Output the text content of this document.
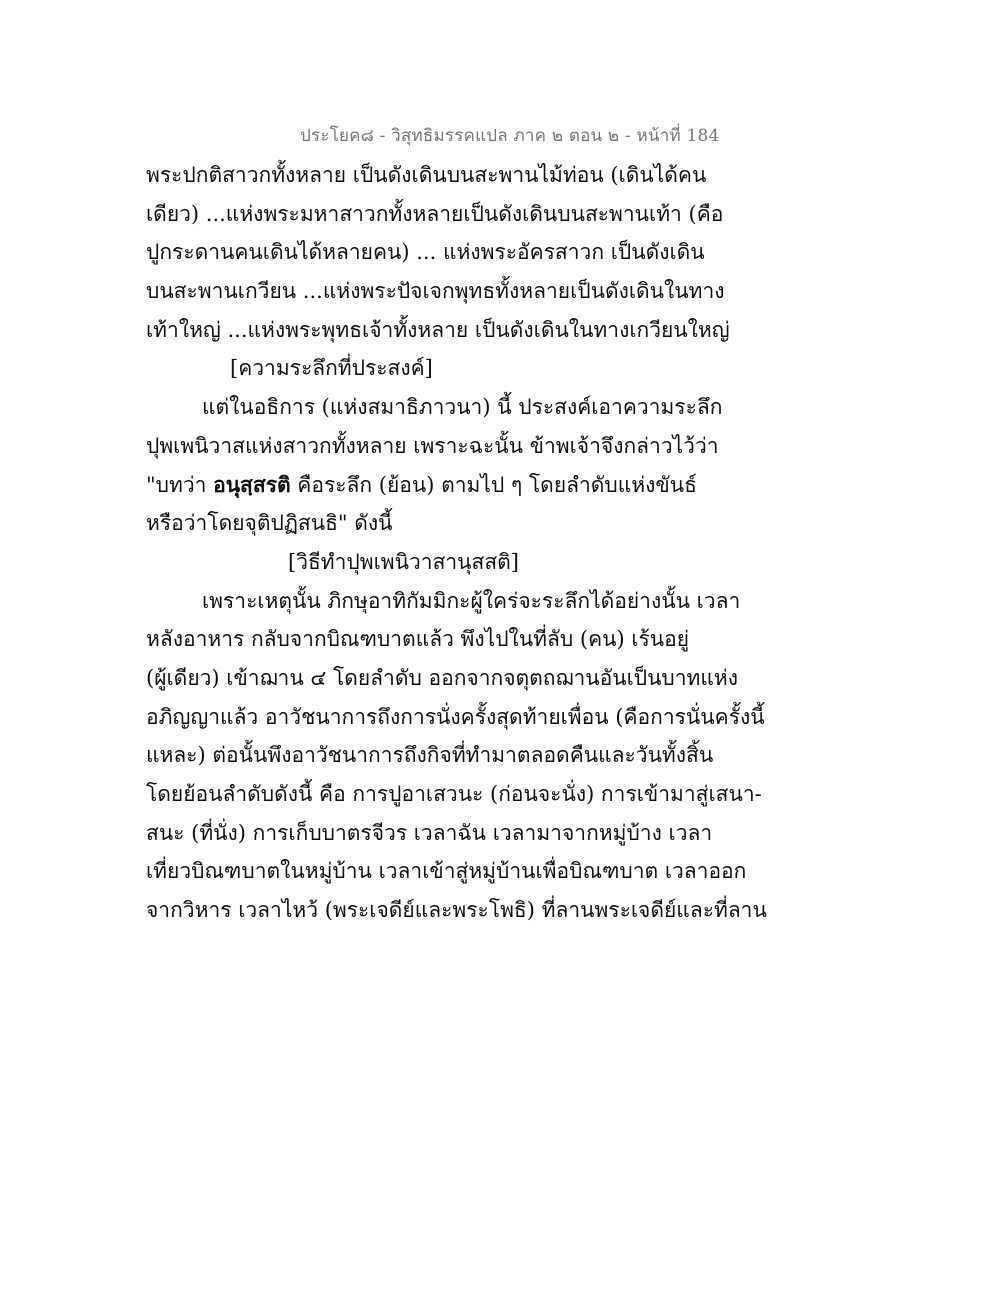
ประโยค๘ - วิสุทธิมรรคแปล ภาค ๒ ตอน ๒ - หน้าที่ 184
พระปกติสาวกทั้งหลาย เป็นดังเดินบนสะพานไม้ท่อน (เดินได้คน
เดียว) ...แห่งพระมหาสาวกทั้งหลายเป็นดังเดินบนสะพานเท้า (คือ
ปูกระดานคนเดินได้หลายคน) ... แห่งพระอัครสาวก เป็นดังเดิน
บนสะพานเกวียน ...แห่งพระปัจเจกพุทธทั้งหลายเป็นดังเดินในทาง
เท้าใหญ่ ...แห่งพระพุทธเจ้าทั้งหลาย เป็นดังเดินในทางเกวียนใหญ่
[ความระลึกที่ประสงค์]
แต่ในอธิการ (แห่งสมาธิภาวนา) นี้ ประสงค์เอาความระลึก
ปุพเพนิวาสแห่งสาวกทั้งหลาย เพราะฉะนั้น ข้าพเจ้าจึงกล่าวไว้ว่า
"บทว่า อนุสฺสรติ คือระลึก (ย้อน) ตามไป ๆ โดยลำดับแห่งขันธ์
หรือว่าโดยจุติปฏิสนธิ" ดังนี้
[วิธีทำปุพเพนิวาสานุสสติ]
เพราะเหตุนั้น ภิกษุอาทิกัมมิกะผู้ใคร่จะระลึกได้อย่างนั้น เวลา
หลังอาหาร กลับจากบิณฑบาตแล้ว พึงไปในที่ลับ (คน) เร้นอยู่
(ผู้เดียว) เข้าฌาน ๔ โดยลำดับ ออกจากจตุตถฌานอันเป็นบาทแห่ง
อภิญญาแล้ว อาวัชนาการถึงการนั่งครั้งสุดท้ายเพื่อน (คือการนั่นครั้งนี้
แหละ) ต่อนั้นพึงอาวัชนาการถึงกิจที่ทำมาตลอดคืนและวันทั้งสิ้น
โดยย้อนลำดับดังนี้ คือ การปูอาเสวนะ (ก่อนจะนั่ง) การเข้ามาสู่เสนา-
สนะ (ที่นั่ง) การเก็บบาตรจีวร เวลาฉัน เวลามาจากหมู่บ้าง เวลา
เที่ยวบิณฑบาตในหมู่บ้าน เวลาเข้าสู่หมู่บ้านเพื่อบิณฑบาต เวลาออก
จากวิหาร เวลาไหว้ (พระเจดีย์และพระโพธิ) ที่ลานพระเจดีย์และที่ลาน
